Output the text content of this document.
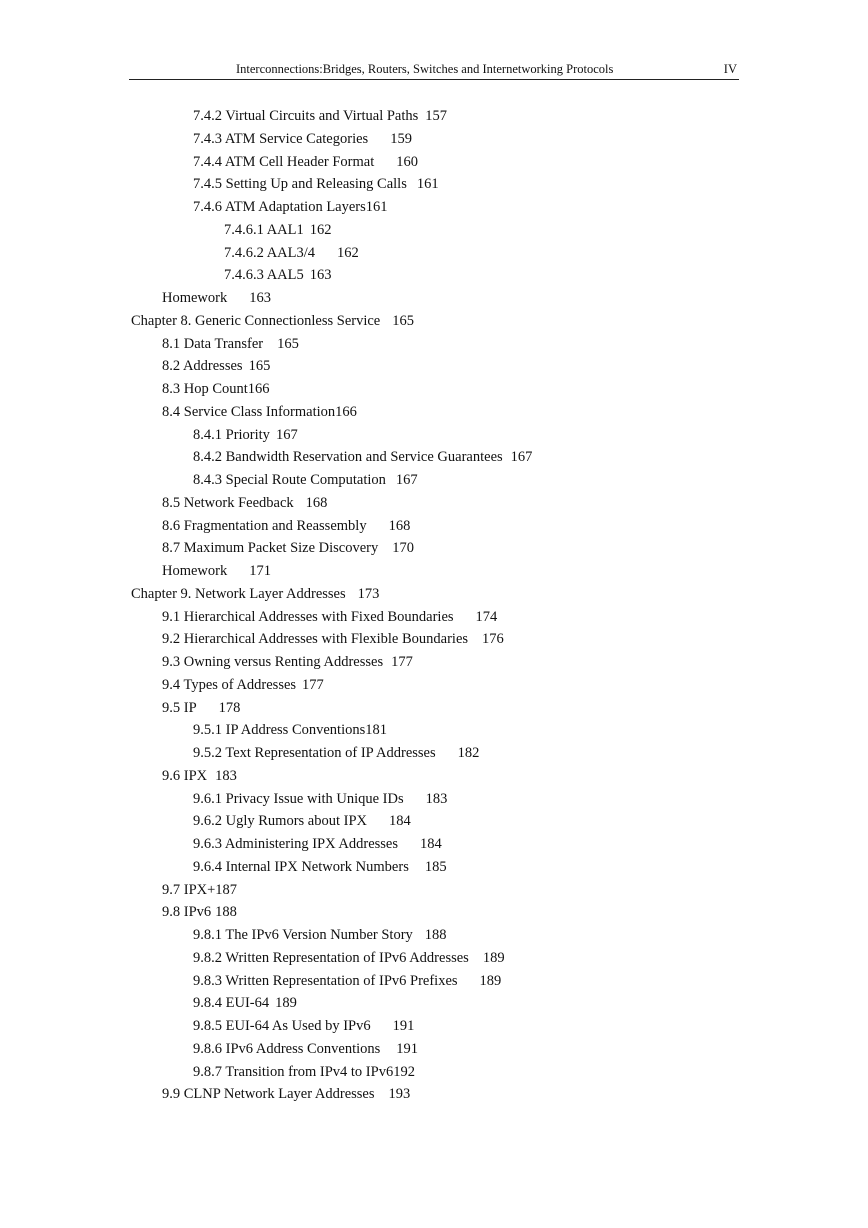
Interconnections:Bridges, Routers, Switches and Internetworking Protocols	IV
7.4.2 Virtual Circuits and Virtual Paths 157
7.4.3 ATM Service Categories 159
7.4.4 ATM Cell Header Format 160
7.4.5 Setting Up and Releasing Calls 161
7.4.6 ATM Adaptation Layers161
7.4.6.1 AAL1 162
7.4.6.2 AAL3/4 162
7.4.6.3 AAL5 163
Homework 163
Chapter 8. Generic Connectionless Service 165
8.1 Data Transfer 165
8.2 Addresses 165
8.3 Hop Count166
8.4 Service Class Information166
8.4.1 Priority 167
8.4.2 Bandwidth Reservation and Service Guarantees 167
8.4.3 Special Route Computation 167
8.5 Network Feedback 168
8.6 Fragmentation and Reassembly 168
8.7 Maximum Packet Size Discovery 170
Homework 171
Chapter 9. Network Layer Addresses 173
9.1 Hierarchical Addresses with Fixed Boundaries 174
9.2 Hierarchical Addresses with Flexible Boundaries 176
9.3 Owning versus Renting Addresses 177
9.4 Types of Addresses 177
9.5 IP 178
9.5.1 IP Address Conventions181
9.5.2 Text Representation of IP Addresses 182
9.6 IPX 183
9.6.1 Privacy Issue with Unique IDs 183
9.6.2 Ugly Rumors about IPX 184
9.6.3 Administering IPX Addresses 184
9.6.4 Internal IPX Network Numbers 185
9.7 IPX+187
9.8 IPv6 188
9.8.1 The IPv6 Version Number Story 188
9.8.2 Written Representation of IPv6 Addresses 189
9.8.3 Written Representation of IPv6 Prefixes 189
9.8.4 EUI-64 189
9.8.5 EUI-64 As Used by IPv6 191
9.8.6 IPv6 Address Conventions 191
9.8.7 Transition from IPv4 to IPv6192
9.9 CLNP Network Layer Addresses 193
